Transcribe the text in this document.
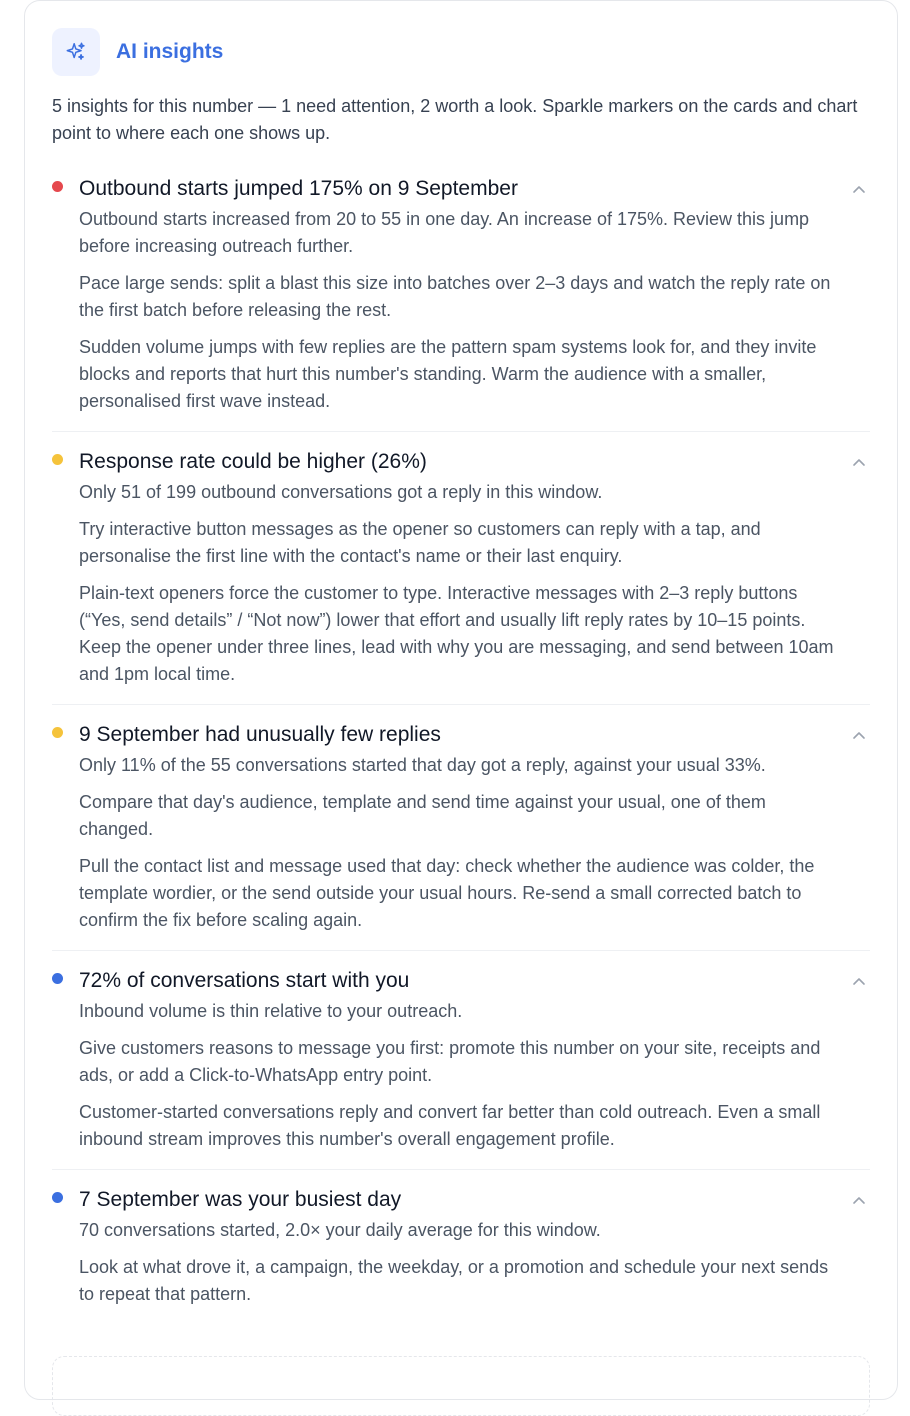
AI insights
5 insights for this number — 1 need attention, 2 worth a look. Sparkle markers on the cards and chart point to where each one shows up.
Outbound starts jumped 175% on 9 September
Outbound starts increased from 20 to 55 in one day. An increase of 175%. Review this jump before increasing outreach further.
Pace large sends: split a blast this size into batches over 2–3 days and watch the reply rate on the first batch before releasing the rest.
Sudden volume jumps with few replies are the pattern spam systems look for, and they invite blocks and reports that hurt this number's standing. Warm the audience with a smaller, personalised first wave instead.
Response rate could be higher (26%)
Only 51 of 199 outbound conversations got a reply in this window.
Try interactive button messages as the opener so customers can reply with a tap, and personalise the first line with the contact's name or their last enquiry.
Plain-text openers force the customer to type. Interactive messages with 2–3 reply buttons (“Yes, send details” / “Not now”) lower that effort and usually lift reply rates by 10–15 points. Keep the opener under three lines, lead with why you are messaging, and send between 10am and 1pm local time.
9 September had unusually few replies
Only 11% of the 55 conversations started that day got a reply, against your usual 33%.
Compare that day's audience, template and send time against your usual, one of them changed.
Pull the contact list and message used that day: check whether the audience was colder, the template wordier, or the send outside your usual hours. Re-send a small corrected batch to confirm the fix before scaling again.
72% of conversations start with you
Inbound volume is thin relative to your outreach.
Give customers reasons to message you first: promote this number on your site, receipts and ads, or add a Click-to-WhatsApp entry point.
Customer-started conversations reply and convert far better than cold outreach. Even a small inbound stream improves this number's overall engagement profile.
7 September was your busiest day
70 conversations started, 2.0× your daily average for this window.
Look at what drove it, a campaign, the weekday, or a promotion and schedule your next sends to repeat that pattern.
